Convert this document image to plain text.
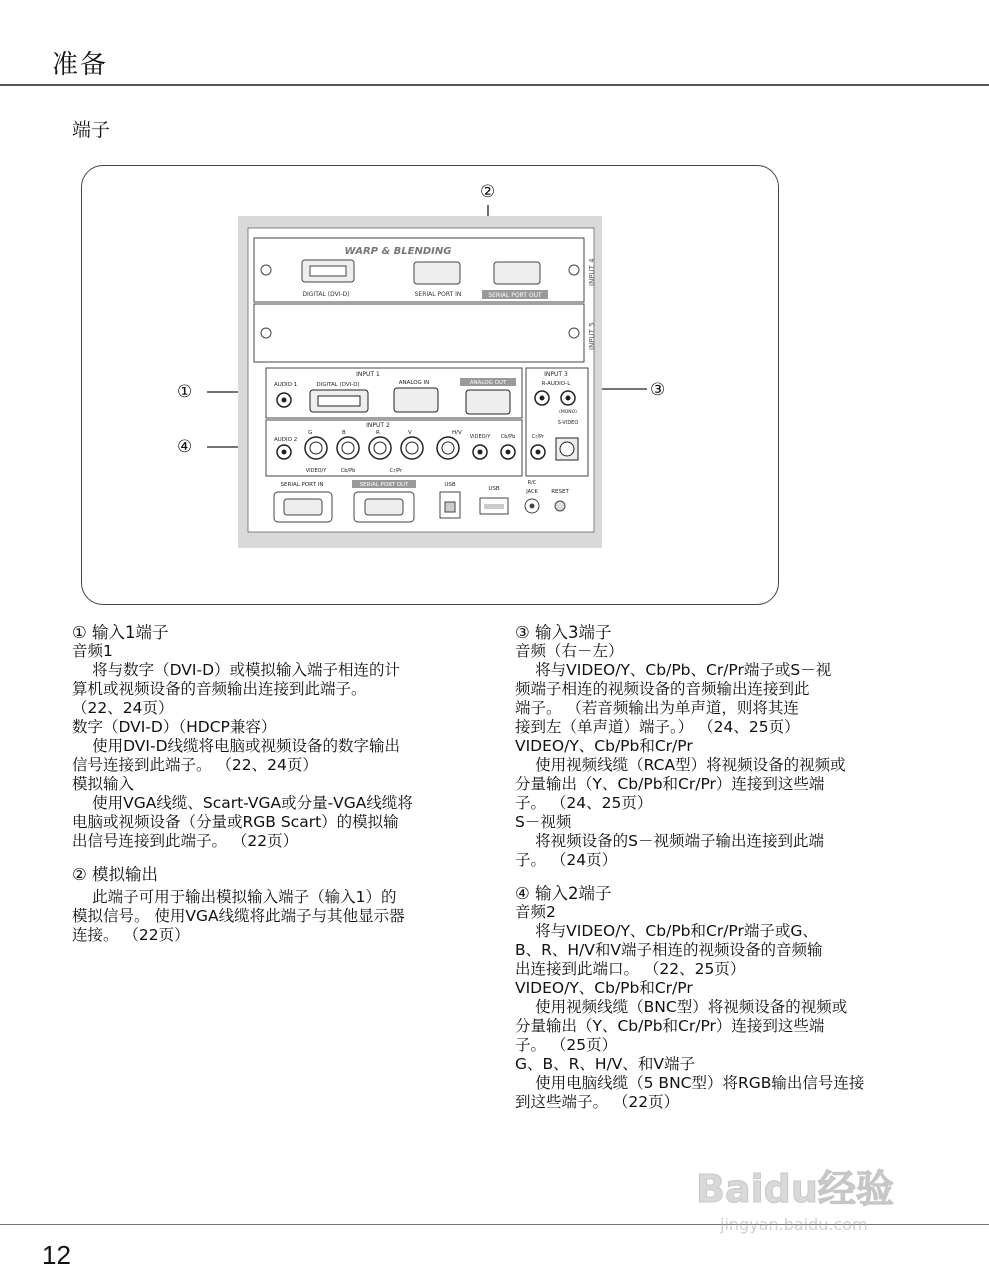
准备
端子
②
①
④
③
WARP & BLENDING
INPUT 4
DIGITAL (DVI-D)	SERIAL PORT IN	SERIAL PORT OUT
INPUT 5
INPUT 1
AUDIO 1	DIGITAL (DVI-D)	ANALOG IN	ANALOG OUT
INPUT 3
R-AUDIO-L
(MONO)
S-VIDEO
INPUT 2
AUDIO 2
G	B	R	V	H/V
VIDEO/Y	Cb/Pb	Cr/Pr
VIDEO/Y Cb/Pb	Cr/Pr
SERIAL PORT IN	SERIAL PORT OUT	USB
USB
R/C
JACK RESET

① 输入1端子

音频1

将与数字（DVI-D）或模拟输入端子相连的计

算机或视频设备的音频输出连接到此端子。

（22、24页）

数字（DVI-D）（HDCP兼容）

使用DVI-D线缆将电脑或视频设备的数字输出

信号连接到此端子。 （22、24页）

模拟输入

使用VGA线缆、Scart-VGA或分量-VGA线缆将

电脑或视频设备（分量或RGB Scart）的模拟输

出信号连接到此端子。 （22页）

② 模拟输出

此端子可用于输出模拟输入端子（输入1）的

模拟信号。 使用VGA线缆将此端子与其他显示器

连接。 （22页）

③ 输入3端子

音频（右－左）

将与VIDEO/Y、Cb/Pb、Cr/Pr端子或S－视

频端子相连的视频设备的音频输出连接到此

端子。 （若音频输出为单声道，则将其连

接到左（单声道）端子。） （24、25页）

VIDEO/Y、Cb/Pb和Cr/Pr

使用视频线缆（RCA型）将视频设备的视频或

分量输出（Y、Cb/Pb和Cr/Pr）连接到这些端

子。 （24、25页）

S－视频

将视频设备的S－视频端子输出连接到此端

子。 （24页）

④ 输入2端子

音频2

将与VIDEO/Y、Cb/Pb和Cr/Pr端子或G、

B、R、H/V和V端子相连的视频设备的音频输

出连接到此端口。 （22、25页）

VIDEO/Y、Cb/Pb和Cr/Pr

使用视频线缆（BNC型）将视频设备的视频或

分量输出（Y、Cb/Pb和Cr/Pr）连接到这些端

子。 （25页）

G、B、R、H/V、和V端子

使用电脑线缆（5 BNC型）将RGB输出信号连接

到这些端子。 （22页）

12
Baidu经验
jingyan.baidu.com
